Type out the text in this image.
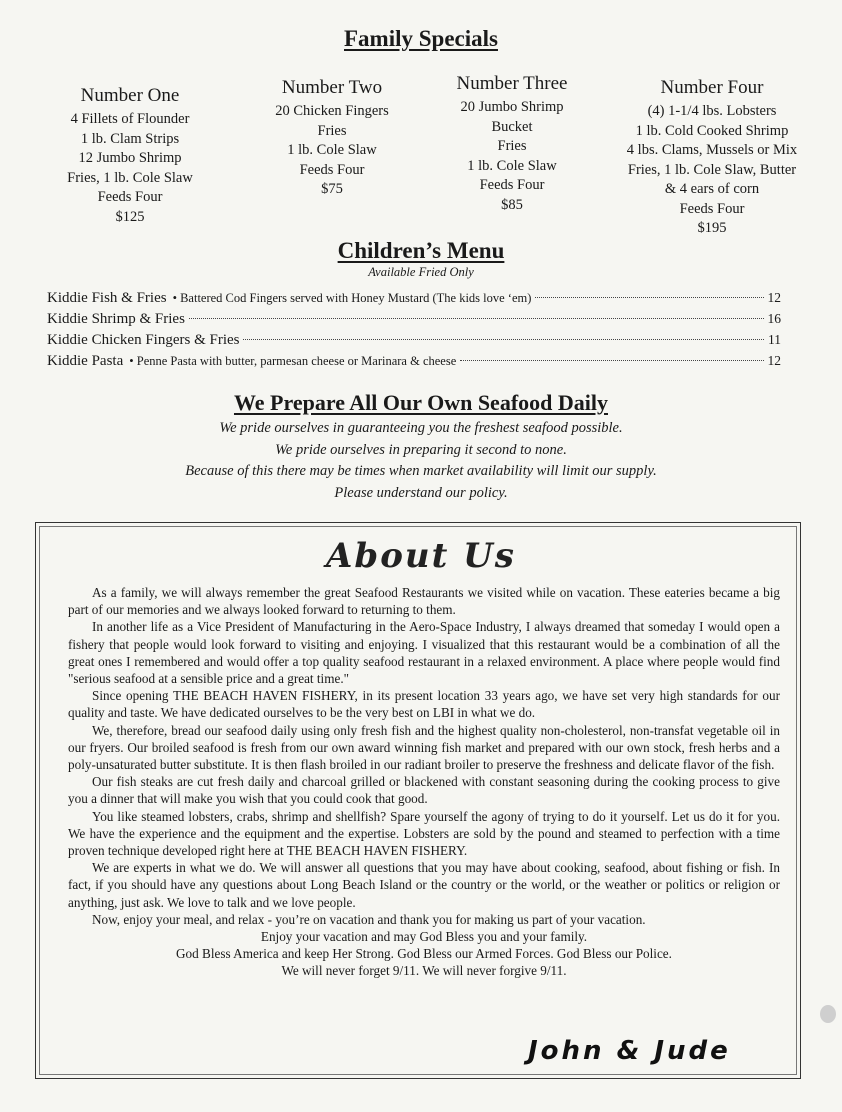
Family Specials
Number One
4 Fillets of Flounder
1 lb. Clam Strips
12 Jumbo Shrimp
Fries, 1 lb. Cole Slaw
Feeds Four
$125
Number Two
20 Chicken Fingers
Fries
1 lb. Cole Slaw
Feeds Four
$75
Number Three
20 Jumbo Shrimp
Bucket
Fries
1 lb. Cole Slaw
Feeds Four
$85
Number Four
(4) 1-1/4 lbs. Lobsters
1 lb. Cold Cooked Shrimp
4 lbs. Clams, Mussels or Mix
Fries, 1 lb. Cole Slaw, Butter
& 4 ears of corn
Feeds Four
$195
Children’s Menu
Available Fried Only
Kiddie Fish & Fries • Battered Cod Fingers served with Honey Mustard (The kids love ‘em)	12
Kiddie Shrimp & Fries	16
Kiddie Chicken Fingers & Fries	11
Kiddie Pasta • Penne Pasta with butter, parmesan cheese or Marinara & cheese	12
We Prepare All Our Own Seafood Daily
We pride ourselves in guaranteeing you the freshest seafood possible.
We pride ourselves in preparing it second to none.
Because of this there may be times when market availability will limit our supply.
Please understand our policy.
About Us

As a family, we will always remember the great Seafood Restaurants we visited while on vacation. These eateries became a big part of our memories and we always looked forward to returning to them.

In another life as a Vice President of Manufacturing in the Aero-Space Industry, I always dreamed that someday I would open a fishery that people would look forward to visiting and enjoying. I visualized that this restaurant would be a combination of all the great ones I remembered and would offer a top quality seafood restaurant in a relaxed environment. A place where people would find "serious seafood at a sensible price and a great time."

Since opening THE BEACH HAVEN FISHERY, in its present location 33 years ago, we have set very high standards for our quality and taste. We have dedicated ourselves to be the very best on LBI in what we do.

We, therefore, bread our seafood daily using only fresh fish and the highest quality non-cholesterol, non-transfat vegetable oil in our fryers. Our broiled seafood is fresh from our own award winning fish market and prepared with our own stock, fresh herbs and a poly-unsaturated butter substitute. It is then flash broiled in our radiant broiler to preserve the freshness and delicate flavor of the fish.

Our fish steaks are cut fresh daily and charcoal grilled or blackened with constant seasoning during the cooking process to give you a dinner that will make you wish that you could cook that good.

You like steamed lobsters, crabs, shrimp and shellfish? Spare yourself the agony of trying to do it yourself. Let us do it for you. We have the experience and the equipment and the expertise. Lobsters are sold by the pound and steamed to perfection with a time proven technique developed right here at THE BEACH HAVEN FISHERY.

We are experts in what we do. We will answer all questions that you may have about cooking, seafood, about fishing or fish. In fact, if you should have any questions about Long Beach Island or the country or the world, or the weather or politics or religion or anything, just ask. We love to talk and we love people.

Now, enjoy your meal, and relax - you’re on vacation and thank you for making us part of your vacation.

Enjoy your vacation and may God Bless you and your family.

God Bless America and keep Her Strong. God Bless our Armed Forces. God Bless our Police.

We will never forget 9/11. We will never forgive 9/11.

John & Jude
